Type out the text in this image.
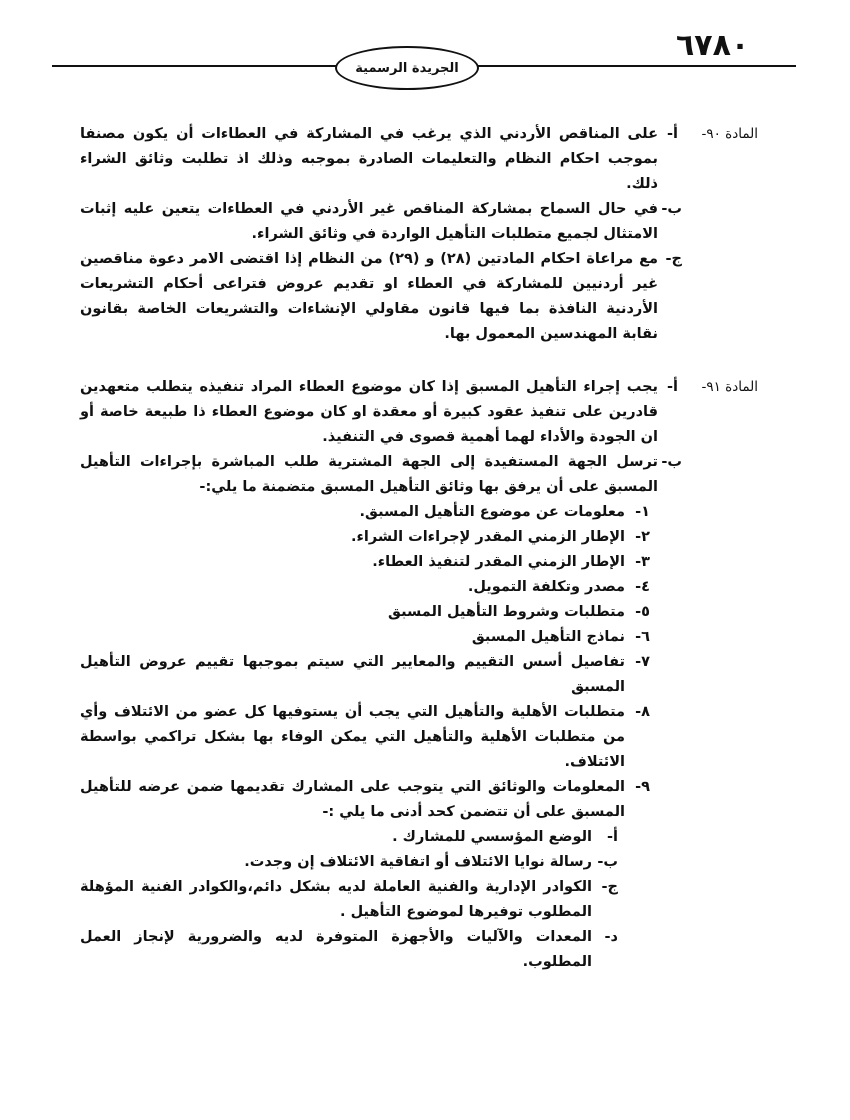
٦٧٨٠
الجريدة الرسمية
المادة ٩٠-
أ-
على المناقص الأردني الذي يرغب في المشاركة في العطاءات أن يكون مصنفا بموجب احكام النظام والتعليمات الصادرة بموجبه وذلك اذ تطلبت وثائق الشراء ذلك.
ب-
في حال السماح بمشاركة المناقص غير الأردني في العطاءات يتعين عليه إثبات الامتثال لجميع متطلبات التأهيل الواردة في وثائق الشراء.
ج-
مع مراعاة احكام المادتين (٢٨) و (٢٩) من النظام إذا اقتضى الامر دعوة مناقصين غير أردنيين للمشاركة في العطاء او تقديم عروض فتراعى أحكام التشريعات الأردنية النافذة بما فيها قانون مقاولي الإنشاءات والتشريعات الخاصة بقانون نقابة المهندسين المعمول بها.
المادة ٩١-
أ-
يجب إجراء التأهيل المسبق إذا كان موضوع العطاء المراد تنفيذه يتطلب متعهدين قادرين على تنفيذ عقود كبيرة أو معقدة او كان موضوع العطاء ذا طبيعة خاصة أو ان الجودة والأداء لهما أهمية قصوى في التنفيذ.
ب-
ترسل الجهة المستفيدة إلى الجهة المشترية طلب المباشرة بإجراءات التأهيل المسبق على أن يرفق بها وثائق التأهيل المسبق متضمنة ما يلي:-
١-
معلومات عن موضوع التأهيل المسبق.
٢-
الإطار الزمني المقدر لإجراءات الشراء.
٣-
الإطار الزمني المقدر لتنفيذ العطاء.
٤-
مصدر وتكلفة التمويل.
٥-
متطلبات وشروط التأهيل المسبق
٦-
نماذج التأهيل المسبق
٧-
تفاصيل أسس التقييم والمعايير التي سيتم بموجبها تقييم عروض التأهيل المسبق
٨-
متطلبات الأهلية والتأهيل التي يجب أن يستوفيها كل عضو من الائتلاف وأي من متطلبات الأهلية والتأهيل التي يمكن الوفاء بها بشكل تراكمي بواسطة الائتلاف.
٩-
المعلومات والوثائق التي يتوجب على المشارك تقديمها ضمن عرضه للتأهيل المسبق على أن تتضمن كحد أدنى ما يلي :-
أ-
الوضع المؤسسي للمشارك .
ب-
رسالة نوايا الائتلاف أو اتفاقية الائتلاف إن وجدت.
ج-
الكوادر الإدارية والفنية العاملة لديه بشكل دائم،والكوادر الفنية المؤهلة المطلوب توفيرها لموضوع التأهيل .
د-
المعدات والآليات والأجهزة المتوفرة لديه والضرورية لإنجاز العمل المطلوب.
